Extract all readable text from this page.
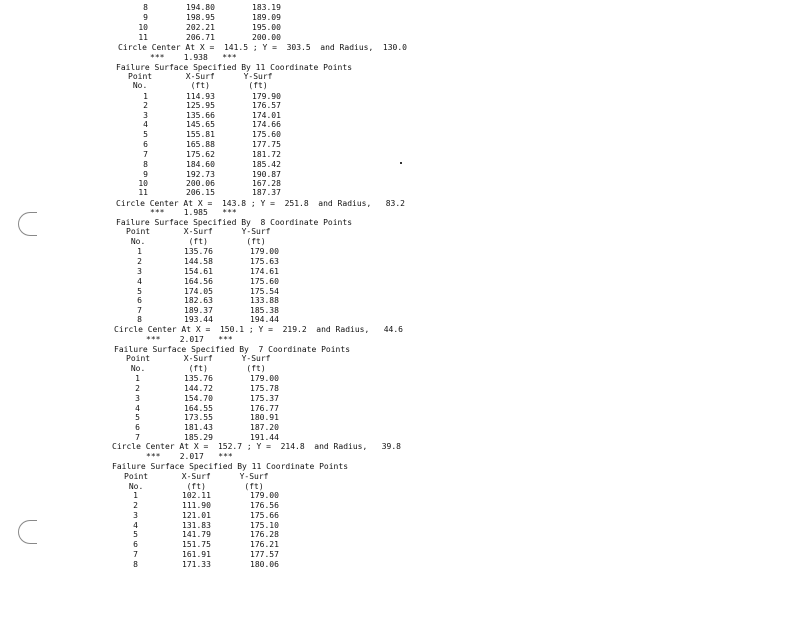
8	194.80	183.19
9	198.95	189.09
10	202.21	195.00
11	206.71	200.00
Circle Center At X =  141.5 ; Y =  303.5  and Radius,  130.0
***    1.938   ***
Failure Surface Specified By 11 Coordinate Points
Point       X-Surf      Y-Surf
No.         (ft)        (ft)
1	114.93	179.90
2	125.95	176.57
3	135.66	174.01
4	145.65	174.66
5	155.81	175.60
6	165.88	177.75
7	175.62	181.72
8	184.60	185.42
9	192.73	190.87
10	200.06	167.28
11	206.15	187.37
Circle Center At X =  143.8 ; Y =  251.8  and Radius,   83.2
***    1.985   ***
Failure Surface Specified By  8 Coordinate Points
Point       X-Surf      Y-Surf
No.         (ft)        (ft)
1	135.76	179.00
2	144.58	175.63
3	154.61	174.61
4	164.56	175.60
5	174.05	175.54
6	182.63	133.88
7	189.37	185.38
8	193.44	194.44
Circle Center At X =  150.1 ; Y =  219.2  and Radius,   44.6
***    2.017   ***
Failure Surface Specified By  7 Coordinate Points
Point       X-Surf      Y-Surf
No.         (ft)        (ft)
1	135.76	179.00
2	144.72	175.78
3	154.70	175.37
4	164.55	176.77
5	173.55	180.91
6	181.43	187.20
7	185.29	191.44
Circle Center At X =  152.7 ; Y =  214.8  and Radius,   39.8
***    2.017   ***
Failure Surface Specified By 11 Coordinate Points
Point       X-Surf      Y-Surf
No.         (ft)        (ft)
1	102.11	179.00
2	111.90	176.56
3	121.01	175.66
4	131.83	175.10
5	141.79	176.28
6	151.75	176.21
7	161.91	177.57
8	171.33	180.06
